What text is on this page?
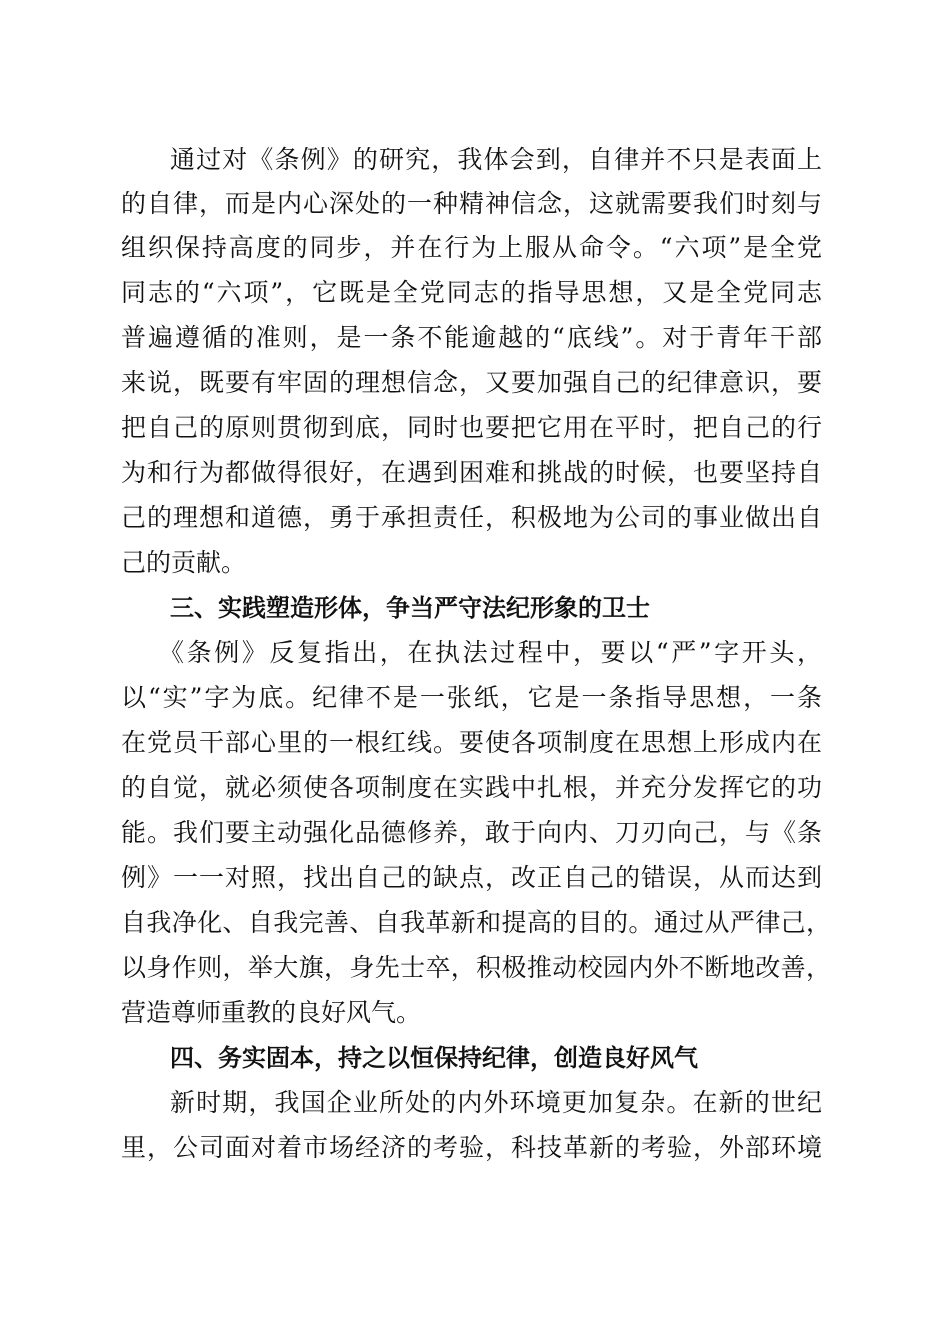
通过对《条例》的研究，我体会到，自律并不只是表面上

的自律，而是内心深处的一种精神信念，这就需要我们时刻与

组织保持高度的同步，并在行为上服从命令。“六项”是全党

同志的“六项”，它既是全党同志的指导思想，又是全党同志

普遍遵循的准则，是一条不能逾越的“底线”。对于青年干部

来说，既要有牢固的理想信念，又要加强自己的纪律意识，要

把自己的原则贯彻到底，同时也要把它用在平时，把自己的行

为和行为都做得很好，在遇到困难和挑战的时候，也要坚持自

己的理想和道德，勇于承担责任，积极地为公司的事业做出自

己的贡献。

三、实践塑造形体，争当严守法纪形象的卫士

《条例》反复指出，在执法过程中，要以“严”字开头，

以“实”字为底。纪律不是一张纸，它是一条指导思想，一条

在党员干部心里的一根红线。要使各项制度在思想上形成内在

的自觉，就必须使各项制度在实践中扎根，并充分发挥它的功

能。我们要主动强化品德修养，敢于向内、刀刃向己，与《条

例》一一对照，找出自己的缺点，改正自己的错误，从而达到

自我净化、自我完善、自我革新和提高的目的。通过从严律己，

以身作则，举大旗，身先士卒，积极推动校园内外不断地改善，

营造尊师重教的良好风气。

四、务实固本，持之以恒保持纪律，创造良好风气

新时期，我国企业所处的内外环境更加复杂。在新的世纪

里，公司面对着市场经济的考验，科技革新的考验，外部环境
